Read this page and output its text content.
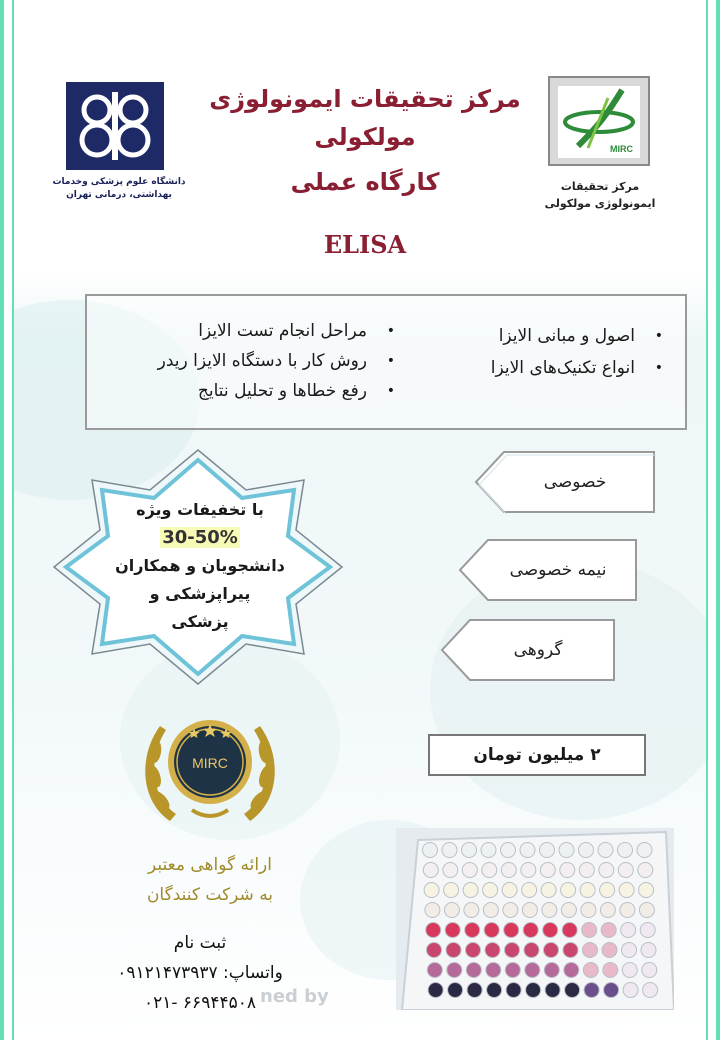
دانشگاه علوم پزشکی وخدمات بهداشتی، درمانی تهران
مرکز تحقیقات ایمونولوژی مولکولی
کارگاه عملی
ELISA
MIRC
مرکز تحقیقات ایمونولوژی مولکولی
•
اصول و مبانی الایزا
•
انواع تکنیک‌های الایزا
•
مراحل انجام تست الایزا
•
روش کار با دستگاه الایزا ریدر
•
رفع خطاها و تحلیل نتایج
با تخفیفات ویژه
30-50%
دانشجویان و همکاران
پیراپزشکی و
پزشکی
خصوصی
نیمه خصوصی
گروهی
۲ میلیون تومان
MIRC
ارائه گواهی معتبر
به شرکت کنندگان
ثبت نام
واتساپ: ۰۹۱۲۱۴۷۳۹۳۷
۰۲۱- ۶۶۹۴۴۵۰۸ ned by
